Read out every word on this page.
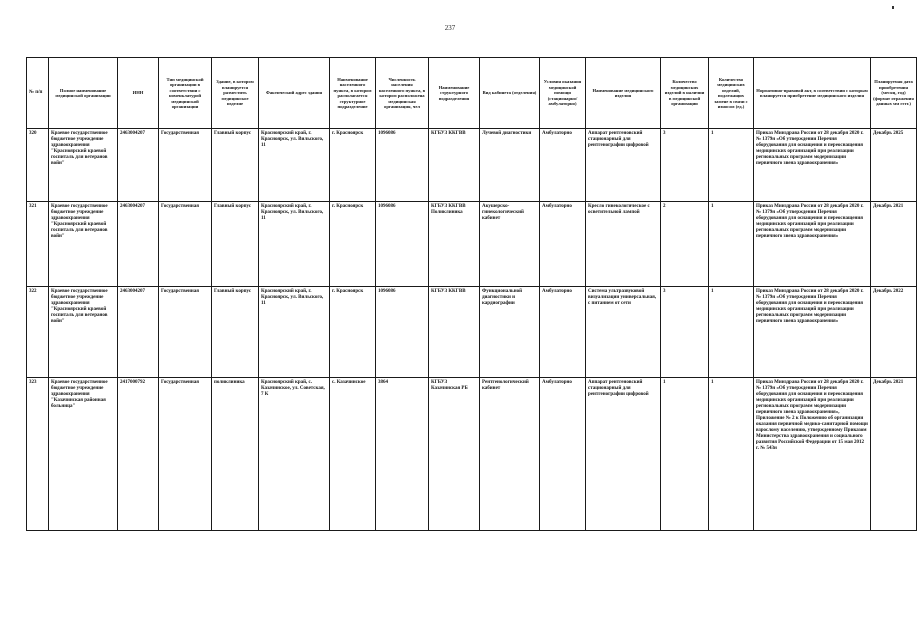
237
№ п/п	Полное наименование медицинской организации	ИНН	Тип медицинской организации в соответствии с номенклатурой медицинской организации	Здание, в котором планируется разместить медицинское изделие	Фактический адрес здания	Наименование населенного пункта, в котором располагается структурное подразделение	Численность населения населенного пункта, в котором расположена медицинская организация, чел	Наименование структурного подразделения	Вид кабинета (отделения)	Условия оказания медицинской помощи (стационарно/ амбулаторно)	Наименование медицинского изделия	Количество медицинских изделий в наличии в медицинской организации	Количество медицинских изделий, подлежащих замене в связи с износом (ед.)	Нормативно-правовой акт, в соответствии с которым планируется приобретение медицинского изделия	Планируемая дата приобретения (месяц, год) (формат отражения данных мм гггг.)
320	Краевое государственное бюджетное учреждение здравоохранения "Красноярский краевой госпиталь для ветеранов войн"	2463004207	Государственная	Главный корпус	Красноярский край, г. Красноярск, ул. Вильского, 11	г. Красноярск	1096086	КГБУЗ ККГВВ	Лучевой диагностики	Амбулаторно	Аппарат рентгеновский стационарный для рентгенографии цифровой	3	1	Приказ Минздрава России от 28 декабря 2020 г. № 1379н «Об утверждении Перечня оборудования для оснащения и переоснащения медицинских организаций при реализации региональных программ модернизации первичного звена здравоохранения»	Декабрь 2025
321	Краевое государственное бюджетное учреждение здравоохранения "Красноярский краевой госпиталь для ветеранов войн"	2463004207	Государственная	Главный корпус	Красноярский край, г. Красноярск, ул. Вильского, 11	г. Красноярск	1096086	КГБУЗ ККГВВ Поликлиника	Акушерско-гинекологический кабинет	Амбулаторно	Кресло гинекологическое с осветительной лампой	2	1	Приказ Минздрава России от 28 декабря 2020 г. № 1379н «Об утверждении Перечня оборудования для оснащения и переоснащения медицинских организаций при реализации региональных программ модернизации первичного звена здравоохранения»	Декабрь 2021
322	Краевое государственное бюджетное учреждение здравоохранения "Красноярский краевой госпиталь для ветеранов войн"	2463004207	Государственная	Главный корпус	Красноярский край, г. Красноярск, ул. Вильского, 11	г. Красноярск	1096086	КГБУЗ ККГВВ	Функциональной диагностики и кардиографии	Амбулаторно	Система ультразвуковой визуализации универсальная, с питанием от сети	3	1	Приказ Минздрава России от 28 декабря 2020 г. № 1379н «Об утверждении Перечня оборудования для оснащения и переоснащения медицинских организаций при реализации региональных программ модернизации первичного звена здравоохранения»	Декабрь 2022
323	Краевое государственное бюджетное учреждение здравоохранения "Казачинская районная больница"	2417000792	Государственная	поликлиника	Красноярский край, с. Казачинское, ул. Советская, 7 К	с. Казачинское	3864	КГБУЗ Казачинская РБ	Рентгенологический кабинет	Амбулаторно	Аппарат рентгеновский стационарный для рентгенографии цифровой	1	1	Приказ Минздрава России от 28 декабря 2020 г. № 1379н «Об утверждении Перечня оборудования для оснащения и переоснащения медицинских организаций при реализации региональных программ модернизации первичного звена здравоохранения», Приложение № 2 к Положению об организации оказания первичной медико-санитарной помощи взрослому населению, утвержденному Приказом Министерства здравоохранения и социального развития Российской Федерации от 15 мая 2012 г. № 543н	Декабрь 2021
